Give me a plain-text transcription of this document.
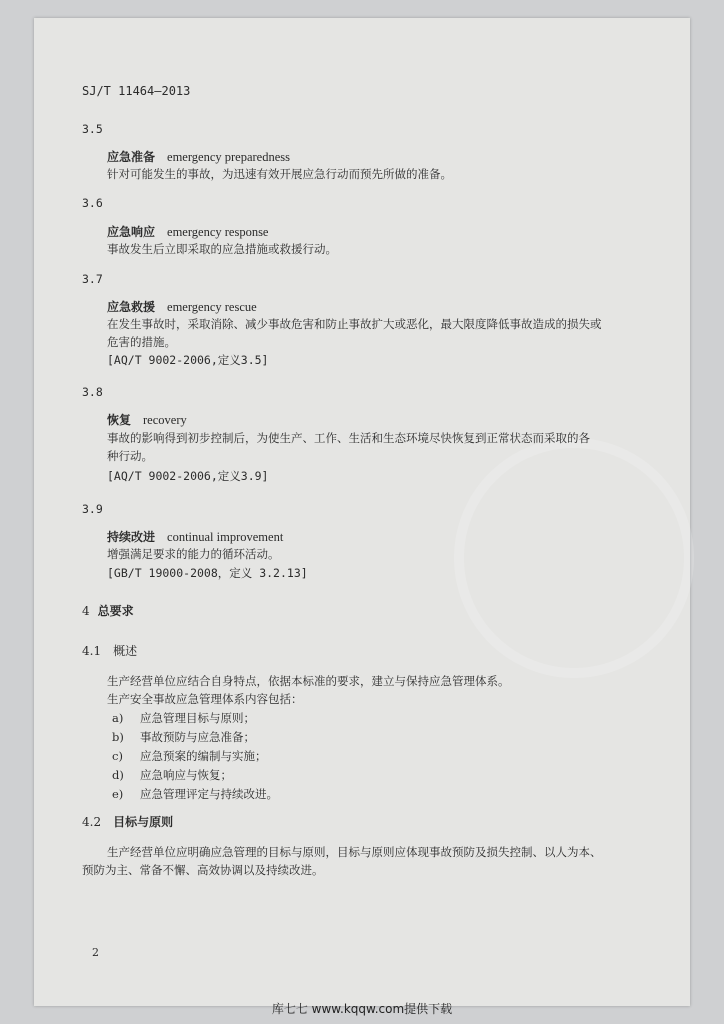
SJ/T 11464—2013
3.5
应急准备 emergency preparedness
针对可能发生的事故，为迅速有效开展应急行动而预先所做的准备。
3.6
应急响应 emergency response
事故发生后立即采取的应急措施或救援行动。
3.7
应急救援 emergency rescue
在发生事故时，采取消除、减少事故危害和防止事故扩大或恶化，最大限度降低事故造成的损失或
危害的措施。
[AQ/T 9002-2006,定义3.5]
3.8
恢复 recovery
事故的影响得到初步控制后，为使生产、工作、生活和生态环境尽快恢复到正常状态而采取的各
种行动。
[AQ/T 9002-2006,定义3.9]
3.9
持续改进 continual improvement
增强满足要求的能力的循环活动。
[GB/T 19000-2008，定义 3.2.13]
4 总要求
4.1 概述
生产经营单位应结合自身特点，依据本标准的要求，建立与保持应急管理体系。
生产安全事故应急管理体系内容包括：
a) 应急管理目标与原则；
b) 事故预防与应急准备；
c) 应急预案的编制与实施；
d) 应急响应与恢复；
e) 应急管理评定与持续改进。
4.2 目标与原则
生产经营单位应明确应急管理的目标与原则，目标与原则应体现事故预防及损失控制、以人为本、
预防为主、常备不懈、高效协调以及持续改进。
2
库七七 www.kqqw.com提供下载
